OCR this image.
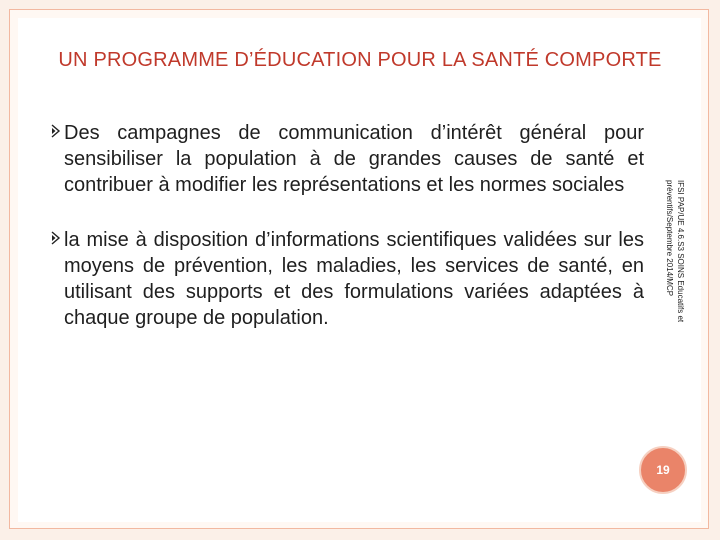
UN PROGRAMME D’ÉDUCATION POUR LA SANTÉ COMPORTE
Des campagnes de communication d’intérêt général pour sensibiliser la population à de grandes causes de santé et contribuer à modifier les représentations et les normes sociales
la mise à disposition d’informations scientifiques validées sur les moyens de prévention, les maladies, les services de santé, en utilisant des supports et des formulations variées adaptées à chaque groupe de population.	IFSI PAP/UE 4.6.S3 SOINS Educatifs et préventifs/Septembre 2014/MCP
19
